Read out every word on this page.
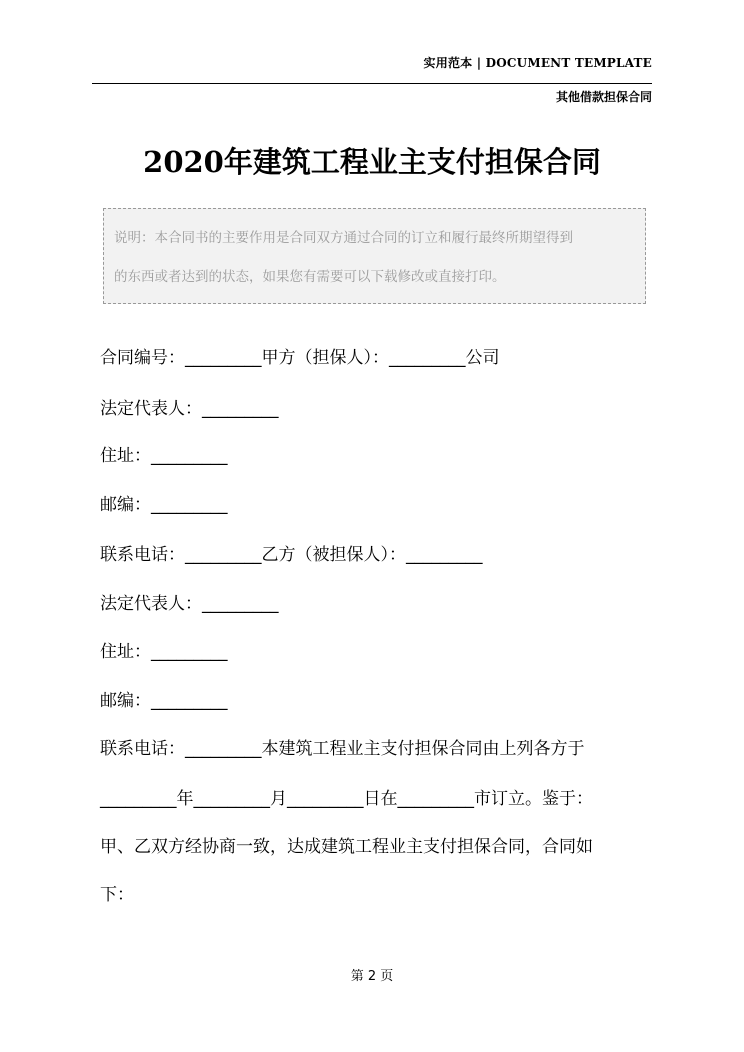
实用范本 | DOCUMENT TEMPLATE
其他借款担保合同
2020年建筑工程业主支付担保合同
说明：本合同书的主要作用是合同双方通过合同的订立和履行最终所期望得到
的东西或者达到的状态，如果您有需要可以下载修改或直接打印。
合同编号：_________甲方（担保人）：_________公司
法定代表人：_________
住址：_________
邮编：_________
联系电话：_________乙方（被担保人）：_________
法定代表人：_________
住址：_________
邮编：_________
联系电话：_________本建筑工程业主支付担保合同由上列各方于
_________年_________月_________日在_________市订立。鉴于：
甲、乙双方经协商一致，达成建筑工程业主支付担保合同，合同如
下：
第 2 页
